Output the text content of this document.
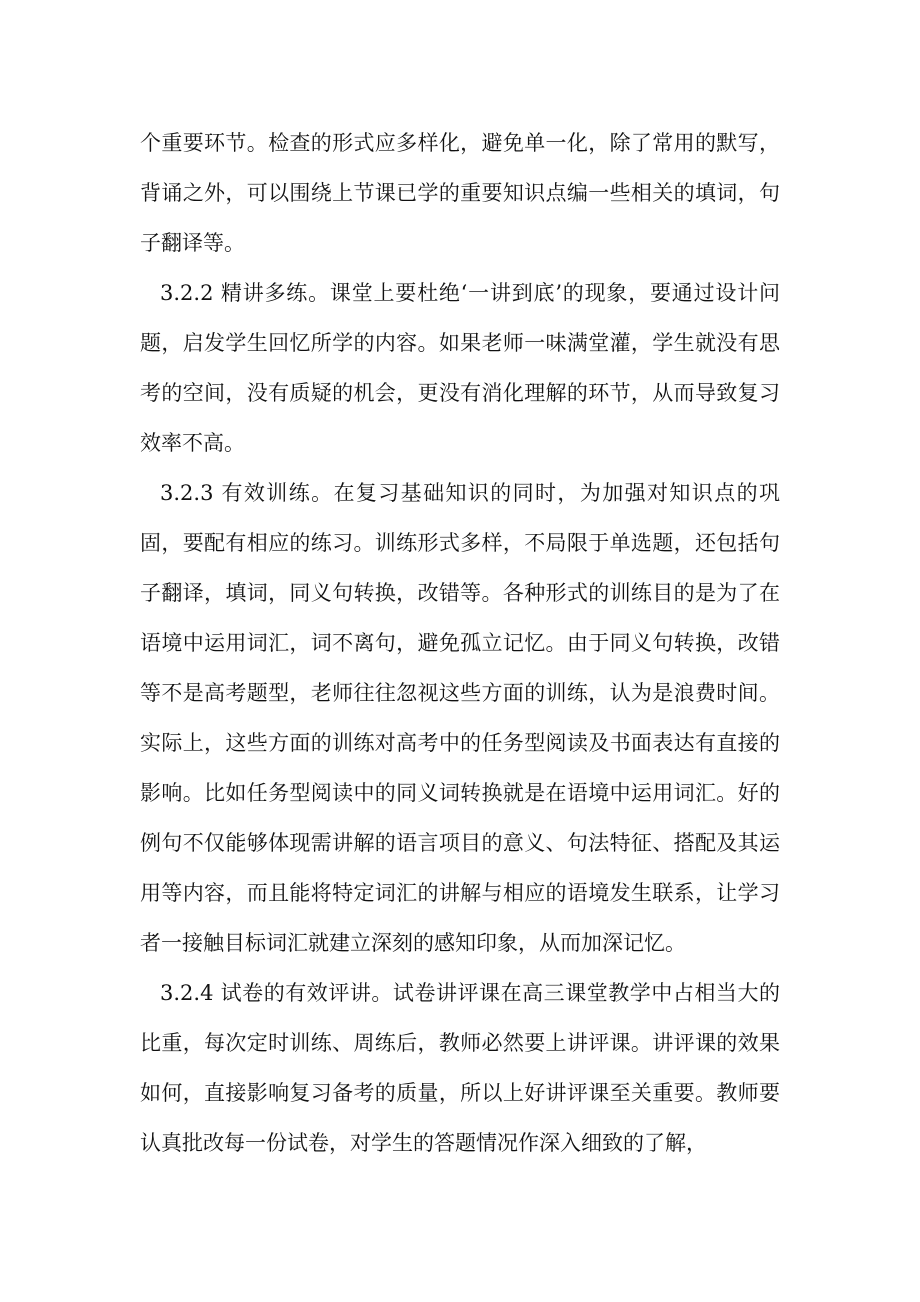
个重要环节。检查的形式应多样化，避免单一化，除了常用的默写，背诵之外，可以围绕上节课已学的重要知识点编一些相关的填词，句子翻译等。

3.2.2 精讲多练。课堂上要杜绝‘一讲到底’的现象，要通过设计问题，启发学生回忆所学的内容。如果老师一味满堂灌，学生就没有思考的空间，没有质疑的机会，更没有消化理解的环节，从而导致复习效率不高。

3.2.3 有效训练。在复习基础知识的同时，为加强对知识点的巩固，要配有相应的练习。训练形式多样，不局限于单选题，还包括句子翻译，填词，同义句转换，改错等。各种形式的训练目的是为了在语境中运用词汇，词不离句，避免孤立记忆。由于同义句转换，改错等不是高考题型，老师往往忽视这些方面的训练，认为是浪费时间。实际上，这些方面的训练对高考中的任务型阅读及书面表达有直接的影响。比如任务型阅读中的同义词转换就是在语境中运用词汇。好的例句不仅能够体现需讲解的语言项目的意义、句法特征、搭配及其运用等内容，而且能将特定词汇的讲解与相应的语境发生联系，让学习者一接触目标词汇就建立深刻的感知印象，从而加深记忆。

3.2.4 试卷的有效评讲。试卷讲评课在高三课堂教学中占相当大的比重，每次定时训练、周练后，教师必然要上讲评课。讲评课的效果如何，直接影响复习备考的质量，所以上好讲评课至关重要。教师要认真批改每一份试卷，对学生的答题情况作深入细致的了解，
